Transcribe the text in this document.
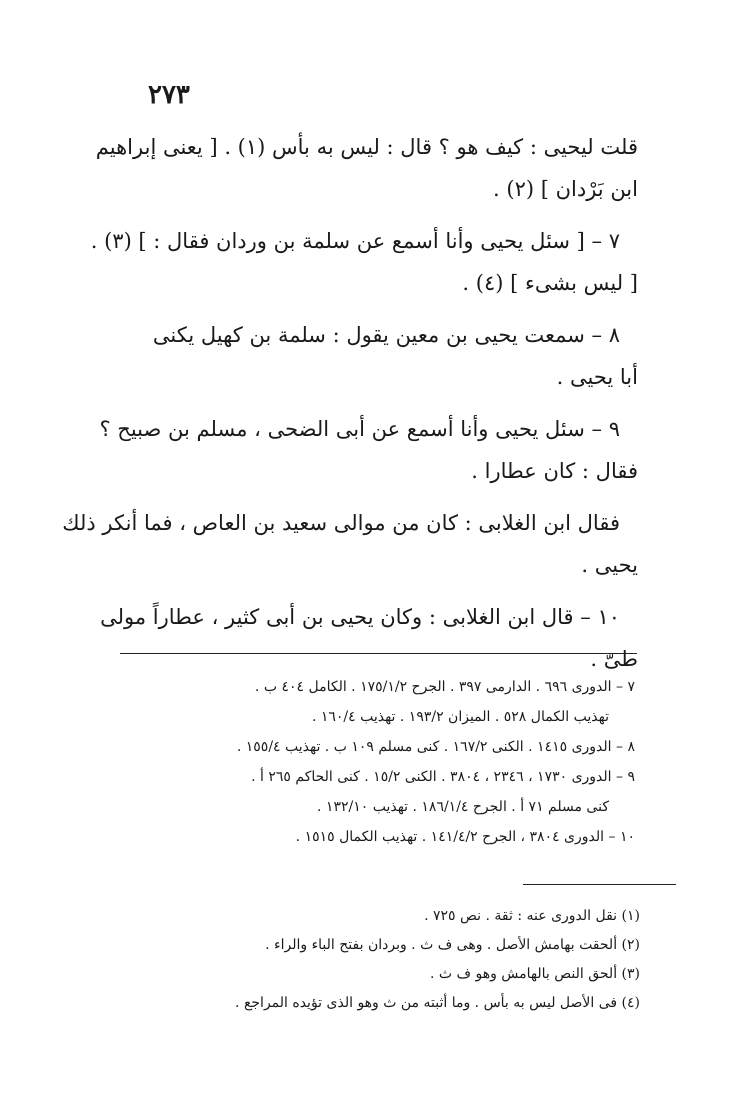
٢٧٣
قلت ليحيى : كيف هو ؟ قال : ليس به بأس (١) . [ يعنى إبراهيم
ابن بَرْدان ] (٢) .
٧ – [ سئل يحيى وأنا أسمع عن سلمة بن وردان فقال : ] (٣) .
[ ليس بشىء ] (٤) .
٨ – سمعت يحيى بن معين يقول : سلمة بن كهيل يكنى
أبا يحيى .
٩ – سئل يحيى وأنا أسمع عن أبى الضحى ، مسلم بن صبيح ؟
فقال : كان عطارا .
فقال ابن الغلابى : كان من موالى سعيد بن العاص ، فما أنكر ذلك
يحيى .
١٠ – قال ابن الغلابى : وكان يحيى بن أبى كثير ، عطاراً مولى
طىّ .
٧ – الدورى ٦٩٦ . الدارمى ٣٩٧ . الجرح ١٧٥/١/٢ . الكامل ٤٠٤ ب .
تهذيب الكمال ٥٢٨ . الميزان ١٩٣/٢ . تهذيب ١٦٠/٤ .
٨ – الدورى ١٤١٥ . الكنى ١٦٧/٢ . كنى مسلم ١٠٩ ب . تهذيب ١٥٥/٤ .
٩ – الدورى ١٧٣٠ ، ٢٣٤٦ ، ٣٨٠٤ . الكنى ١٥/٢ . كنى الحاكم ٢٦٥ أ .
كنى مسلم ٧١ أ . الجرح ١٨٦/١/٤ . تهذيب ١٣٢/١٠ .
١٠ – الدورى ٣٨٠٤ ، الجرح ١٤١/٤/٢ . تهذيب الكمال ١٥١٥ .
(١) نقل الدورى عنه : ثقة . نص ٧٢٥ .
(٢) ألحقت بهامش الأصل . وهى ف ث . وبردان بفتح الباء والراء .
(٣) ألحق النص بالهامش وهو ف ث .
(٤) فى الأصل ليس به بأس . وما أثبته من ث وهو الذى تؤيده المراجع .
